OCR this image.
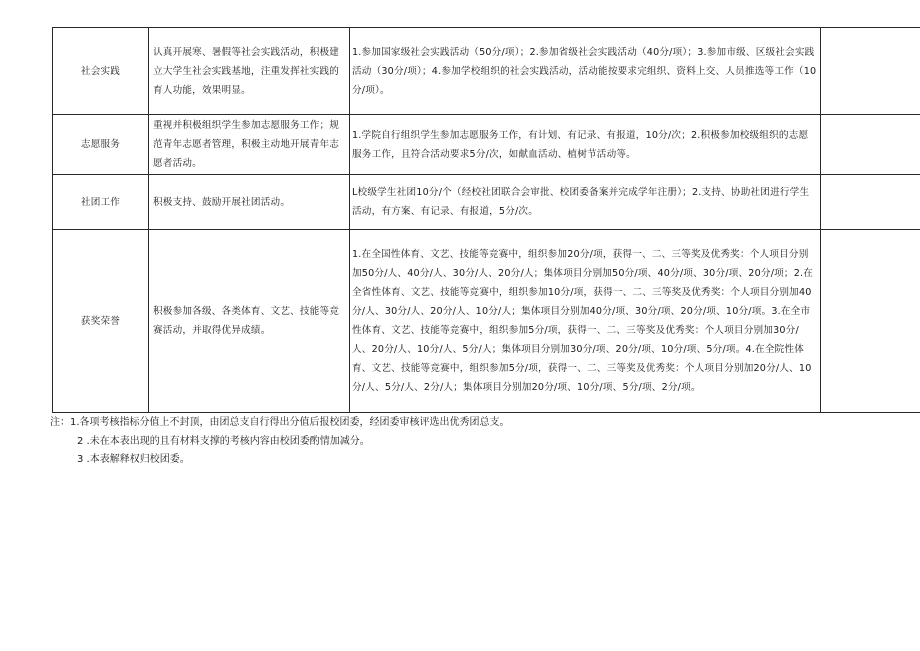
社会实践	认真开展寒、暑假等社会实践活动，积极建立大学生社会实践基地，注重发挥社实践的育人功能，效果明显。	1.参加国家级社会实践活动（50分/项）；2.参加省级社会实践活动（40分/项）；3.参加市级、区级社会实践活动（30分/项）；4.参加学校组织的社会实践活动，活动能按要求完组织、资料上交、人员推选等工作（10分/项）。	
志愿服务	重视并积极组织学生参加志愿服务工作；规范青年志愿者管理，积极主动地开展青年志愿者活动。	1.学院自行组织学生参加志愿服务工作，有计划、有记录、有报道，10分/次；2.积极参加校级组织的志愿服务工作，且符合活动要求5分/次，如献血活动、植树节活动等。	
社团工作	积极支持、鼓励开展社团活动。	L校级学生社团10分/个（经校社团联合会审批、校团委备案并完成学年注册）；2.支持、协助社团进行学生活动，有方案、有记录、有报道，5分/次。	
获奖荣誉	积极参加各级、各类体育、文艺、技能等竞赛活动，并取得优异成绩。	1.在全国性体育、文艺、技能等竞赛中，组织参加20分/项，获得一、二、三等奖及优秀奖：个人项目分别加50分/人、40分/人、30分/人、20分/人；集体项目分别加50分/项、40分/项、30分/项、20分/项；2.在全省性体育、文艺、技能等竞赛中，组织参加10分/项，获得一、二、三等奖及优秀奖：个人项目分别加40分/人、30分/人、20分/人、10分/人；集体项目分别加40分/项、30分/项、20分/项、10分/项。3.在全市性体育、文艺、技能等竞赛中，组织参加5分/项，获得一、二、三等奖及优秀奖：个人项目分别加30分/人、20分/人、10分/人、5分/人；集体项目分别加30分/项、20分/项、10分/项、5分/项。4.在全院性体育、文艺、技能等竞赛中，组织参加5分/项，获得一、二、三等奖及优秀奖：个人项目分别加20分/人、10分/人、5分/人、2分/人；集体项目分别加20分/项、10分/项、5分/项、2分/项。	
注：1.各项考核指标分值上不封顶，由团总支自行得出分值后报校团委，经团委审核评选出优秀团总支。
2 .未在本表出现的且有材料支撑的考核内容由校团委酌情加减分。
3 .本表解释权归校团委。
